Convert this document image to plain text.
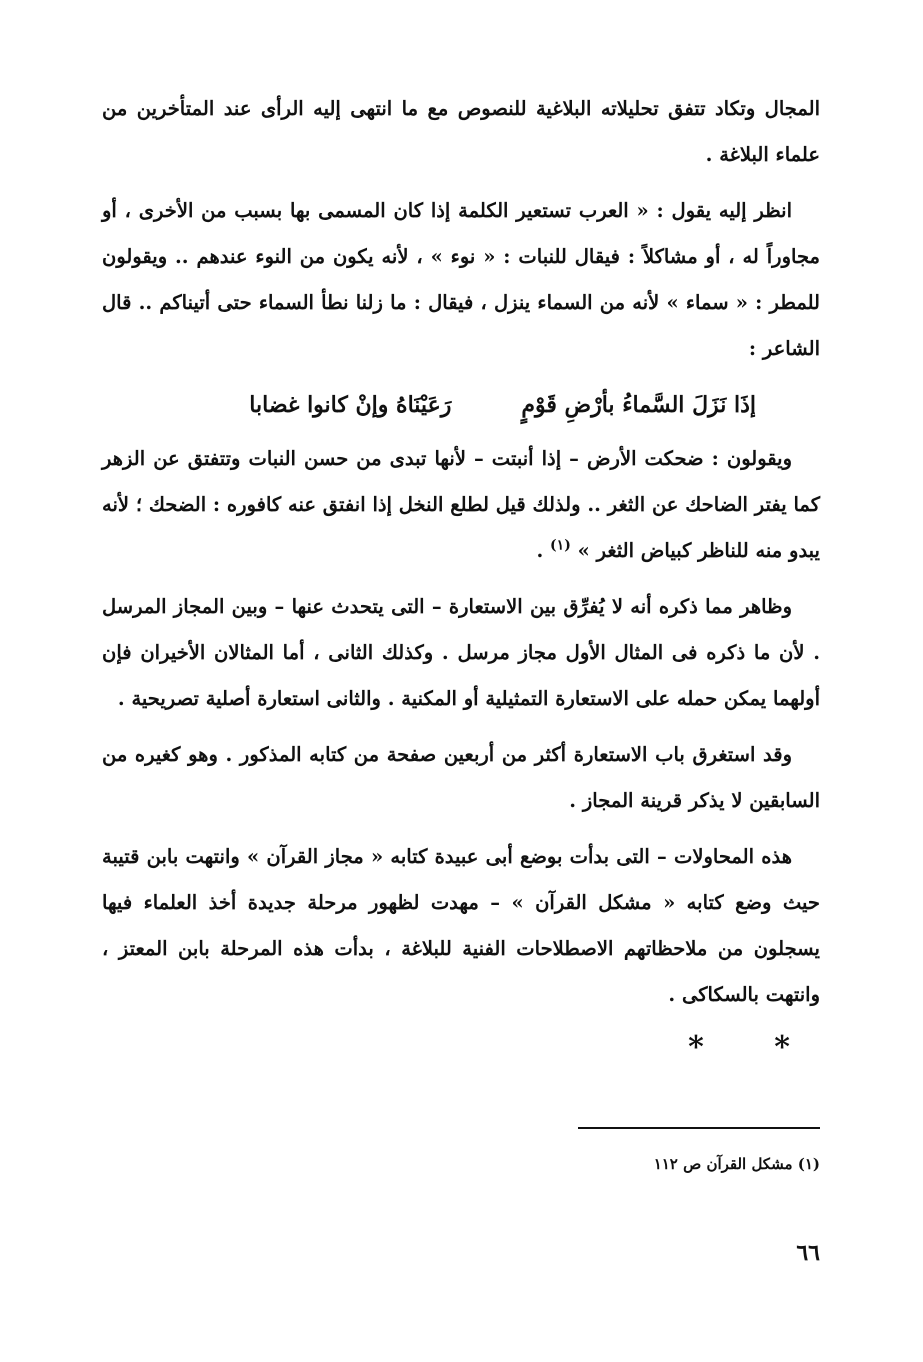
المجال وتكاد تتفق تحليلاته البلاغية للنصوص مع ما انتهى إليه الرأى عند المتأخرين من علماء البلاغة .

انظر إليه يقول : « العرب تستعير الكلمة إذا كان المسمى بها بسبب من الأخرى ، أو مجاوراً له ، أو مشاكلاً : فيقال للنبات : « نوء » ، لأنه يكون من النوء عندهم .. ويقولون للمطر : « سماء » لأنه من السماء ينزل ، فيقال : ما زلنا نطأ السماء حتى أتيناكم .. قال الشاعر :

إذَا نَزَلَ السَّماءُ بأرْضِ قَوْمٍ
رَعَيْنَاهُ وإنْ كانوا غضابا

ويقولون : ضحكت الأرض – إذا أنبتت – لأنها تبدى من حسن النبات وتتفتق عن الزهر كما يفتر الضاحك عن الثغر .. ولذلك قيل لطلع النخل إذا انفتق عنه كافوره : الضحك ؛ لأنه يبدو منه للناظر كبياض الثغر » $^{(١)}$ .

وظاهر مما ذكره أنه لا يُفرِّق بين الاستعارة – التى يتحدث عنها – وبين المجاز المرسل . لأن ما ذكره فى المثال الأول مجاز مرسل . وكذلك الثانى ، أما المثالان الأخيران فإن أولهما يمكن حمله على الاستعارة التمثيلية أو المكنية . والثانى استعارة أصلية تصريحية .

وقد استغرق باب الاستعارة أكثر من أربعين صفحة من كتابه المذكور . وهو كغيره من السابقين لا يذكر قرينة المجاز .

هذه المحاولات – التى بدأت بوضع أبى عبيدة كتابه « مجاز القرآن » وانتهت بابن قتيبة حيث وضع كتابه « مشكل القرآن » – مهدت لظهور مرحلة جديدة أخذ العلماء فيها يسجلون من ملاحظاتهم الاصطلاحات الفنية للبلاغة ، بدأت هذه المرحلة بابن المعتز ، وانتهت بالسكاكى .

* *
(١) مشكل القرآن ص ١١٢
٦٦
